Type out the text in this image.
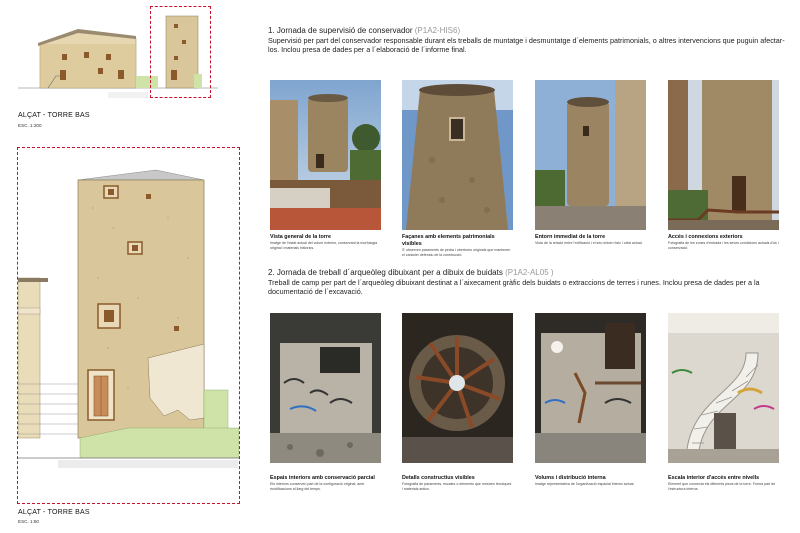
ALÇAT - TORRE BAS
ESC. 1:200
ALÇAT - TORRE BAS
ESC. 1:50
1. Jornada de supervisió de conservador (P1A2-HIS6)
Supervisió per part del conservador responsable durant els treballs de muntatge i desmuntatge d´elements patrimonials, o altres intervencions que puguin afectar-los. Inclou presa de dades per a l´elaboració de l´informe final.
Vista general de la torre
Imatge de l'estat actual del volum exterior, conservant la morfologia original i materials històrics.
Façanes amb elements patrimonials visibles
S' observen paraments de pedra i obertures originals que mantenen el caràcter defensiu de la construcció.
Entorn immediat de la torre
Vista de la relació entre l'edificació i el seu entorn físic i urbà actual.
Accés i connexions exteriors
Fotografia de les zones d'entrada i les seves condicions actuals d'ús i conservació.
2. Jornada de treball d´arqueòleg dibuixant per a dibuix de buidats (P1A2-AL05 )
Treball de camp per part de l´arqueòleg dibuixant destinat a l´aixecament gràfic dels buidats o extraccions de terres i runes. Inclou presa de dades per a la documentació de l´excavació.
Espais interiors amb conservació parcial
Els interiors conserven part de la configuració original, amb modificacions al llarg del temps.
Detalls constructius visibles
Fotografia de paraments, escales o elements que mostren tècniques i materials antics.
Volums i distribució interna
Imatge representativa de l'organització espacial interior actual.
Escala interior d'accés entre nivells
Element que connecta els diferents pisos de la torre. Forma part de l'estructura interna.
